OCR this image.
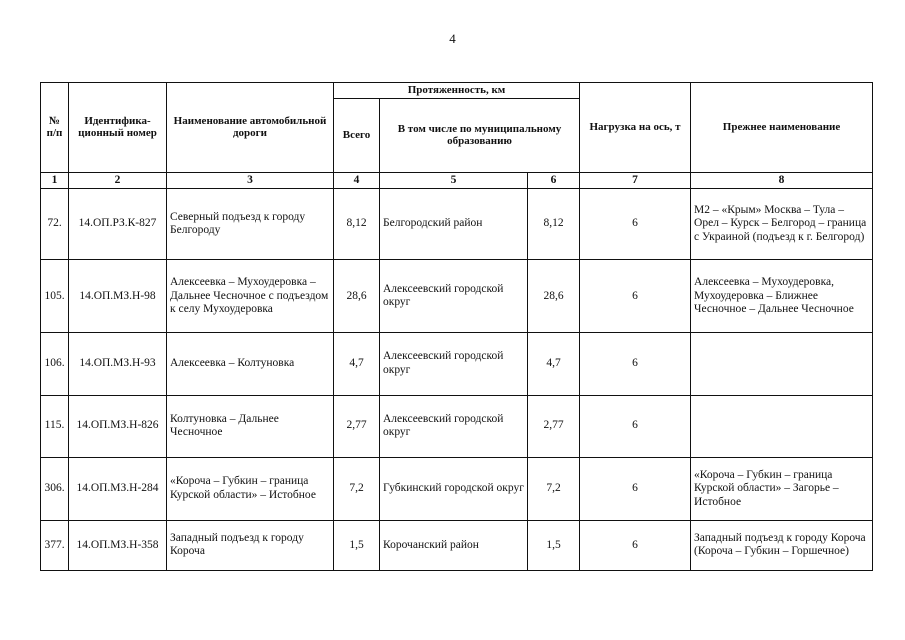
4
№ п/п	Идентифика-ционный номер	Наименование автомобильной дороги	Протяженность, км			Нагрузка на ось, т	Прежнее наименование
			Всего	В том числе по муниципальному образованию			
1	2	3	4	5	6	7	8
72.	14.ОП.РЗ.К-827	Северный подъезд к городу Белгороду	8,12	Белгородский район	8,12	6	М2 – «Крым» Москва – Тула – Орел – Курск – Белгород – граница с Украиной (подъезд к г. Белгород)
105.	14.ОП.МЗ.Н-98	Алексеевка – Мухоудеровка – Дальнее Чесночное с подъездом к селу Мухоудеровка	28,6	Алексеевский городской округ	28,6	6	Алексеевка – Мухоудеровка, Мухоудеровка – Ближнее Чесночное – Дальнее Чесночное
106.	14.ОП.МЗ.Н-93	Алексеевка – Колтуновка	4,7	Алексеевский городской округ	4,7	6	
115.	14.ОП.МЗ.Н-826	Колтуновка – Дальнее Чесночное	2,77	Алексеевский городской округ	2,77	6	
306.	14.ОП.МЗ.Н-284	«Короча – Губкин – граница Курской области» – Истобное	7,2	Губкинский городской округ	7,2	6	«Короча – Губкин – граница Курской области» – Загорье – Истобное
377.	14.ОП.МЗ.Н-358	Западный подъезд к городу Короча	1,5	Корочанский район	1,5	6	Западный подъезд к городу Короча (Короча – Губкин – Горшечное)
